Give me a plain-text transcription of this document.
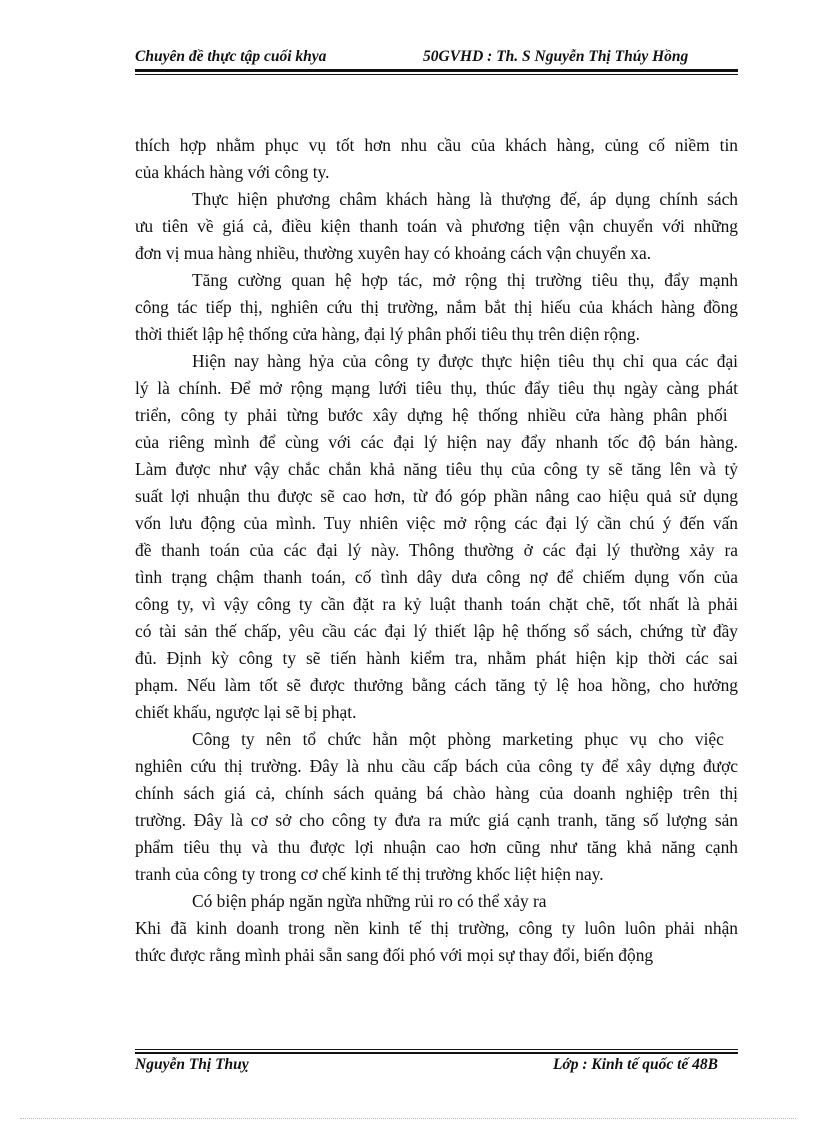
Chuyên đề thực tập cuối khya	50GVHD : Th. S Nguyễn Thị Thúy Hồng
thích hợp nhằm phục vụ tốt hơn nhu cầu của khách hàng, củng cố niềm tin
của khách hàng với công ty.
Thực hiện phương châm khách hàng là thượng đế, áp dụng chính sách
ưu tiên về giá cả, điều kiện thanh toán và phương tiện vận chuyển với những
đơn vị mua hàng nhiều, thường xuyên hay có khoảng cách vận chuyển xa.
Tăng cường quan hệ hợp tác, mở rộng thị trường tiêu thụ, đẩy mạnh
công tác tiếp thị, nghiên cứu thị trường, nắm bắt thị hiếu của khách hàng đồng
thời thiết lập hệ thống cửa hàng, đại lý phân phối tiêu thụ trên diện rộng.
Hiện nay hàng hỷa của công ty được thực hiện tiêu thụ chỉ qua các đại
lý là chính. Để mở rộng mạng lưới tiêu thụ, thúc đẩy tiêu thụ ngày càng phát
triển, công ty phải từng bước xây dựng hệ thống nhiều cửa hàng phân phối
của riêng mình để cùng với các đại lý hiện nay đẩy nhanh tốc độ bán hàng.
Làm được như vậy chắc chắn khả năng tiêu thụ của công ty sẽ tăng lên và tỷ
suất lợi nhuận thu được sẽ cao hơn, từ đó góp phần nâng cao hiệu quả sử dụng
vốn lưu động của mình. Tuy nhiên việc mở rộng các đại lý cần chú ý đến vấn
đề thanh toán của các đại lý này. Thông thường ở các đại lý thường xảy ra
tình trạng chậm thanh toán, cố tình dây dưa công nợ để chiếm dụng vốn của
công ty, vì vậy công ty cần đặt ra kỷ luật thanh toán chặt chẽ, tốt nhất là phải
có tài sản thế chấp, yêu cầu các đại lý thiết lập hệ thống sổ sách, chứng từ đầy
đủ. Định kỳ công ty sẽ tiến hành kiểm tra, nhằm phát hiện kịp thời các sai
phạm. Nếu làm tốt sẽ được thưởng bằng cách tăng tỷ lệ hoa hồng, cho hưởng
chiết khấu, ngược lại sẽ bị phạt.
Công ty nên tổ chức hẳn một phòng marketing phục vụ cho việc
nghiên cứu thị trường. Đây là nhu cầu cấp bách của công ty để xây dựng được
chính sách giá cả, chính sách quảng bá chào hàng của doanh nghiệp trên thị
trường. Đây là cơ sở cho công ty đưa ra mức giá cạnh tranh, tăng số lượng sản
phẩm tiêu thụ và thu được lợi nhuận cao hơn cũng như tăng khả năng cạnh
tranh của công ty trong cơ chế kinh tế thị trường khốc liệt hiện nay.
Có biện pháp ngăn ngừa những rủi ro có thể xảy ra
Khi đã kinh doanh trong nền kinh tế thị trường, công ty luôn luôn phải nhận
thức được rằng mình phải sẵn sang đối phó với mọi sự thay đổi, biến động
Nguyễn Thị Thuỵ	Lớp : Kinh tế quốc tế 48B
